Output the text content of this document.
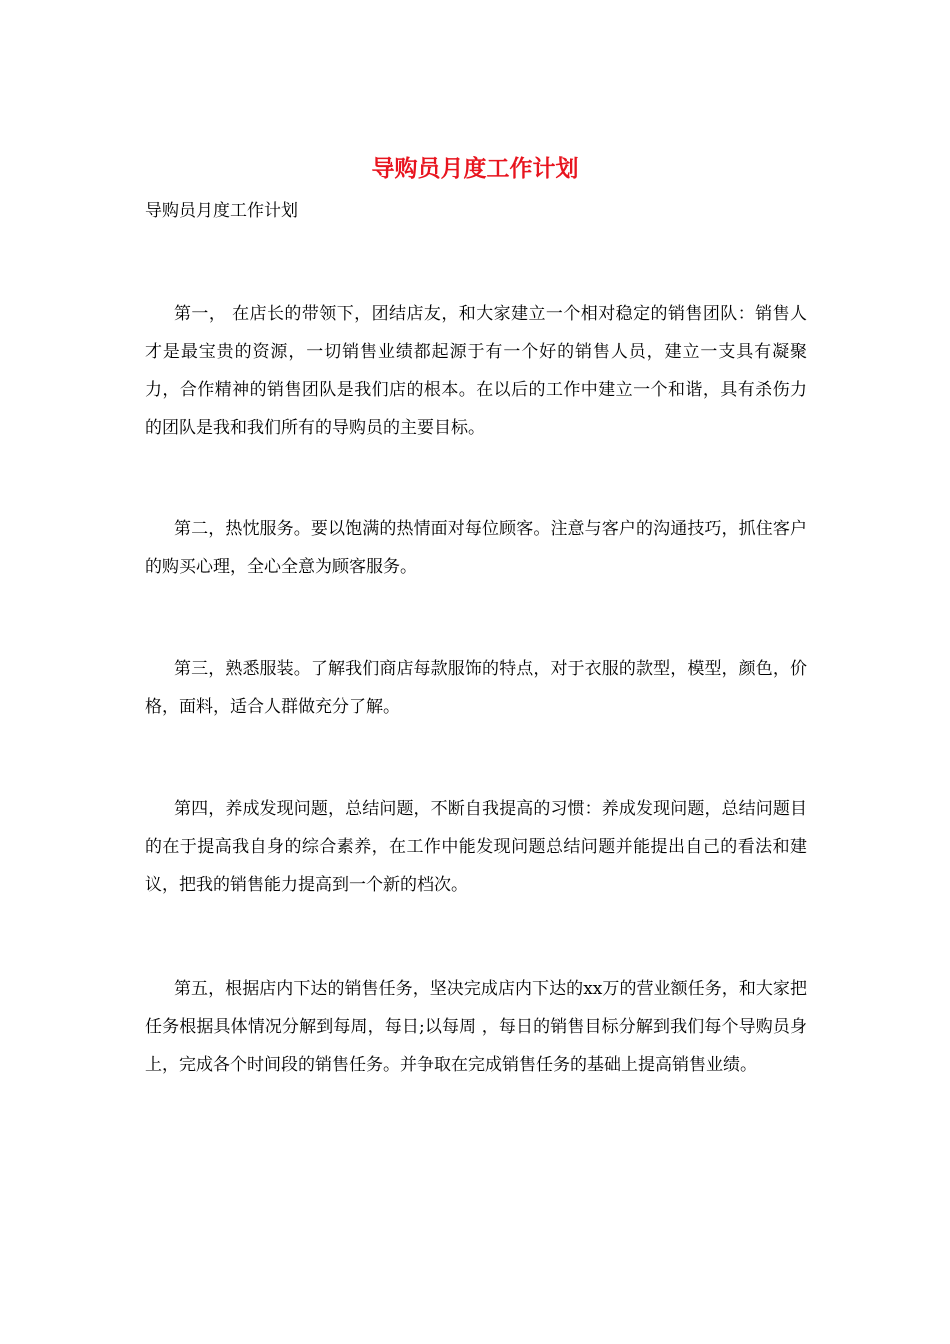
导购员月度工作计划
导购员月度工作计划

第一， 在店长的带领下，团结店友，和大家建立一个相对稳定的销售团队：销售人才是最宝贵的资源，一切销售业绩都起源于有一个好的销售人员，建立一支具有凝聚力，合作精神的销售团队是我们店的根本。在以后的工作中建立一个和谐，具有杀伤力的团队是我和我们所有的导购员的主要目标。

第二，热忱服务。要以饱满的热情面对每位顾客。注意与客户的沟通技巧，抓住客户的购买心理，全心全意为顾客服务。

第三，熟悉服装。了解我们商店每款服饰的特点，对于衣服的款型，模型，颜色，价格，面料，适合人群做充分了解。

第四，养成发现问题，总结问题，不断自我提高的习惯：养成发现问题，总结问题目的在于提高我自身的综合素养，在工作中能发现问题总结问题并能提出自己的看法和建议，把我的销售能力提高到一个新的档次。

第五，根据店内下达的销售任务，坚决完成店内下达的xx万的营业额任务，和大家把任务根据具体情况分解到每周，每日;以每周 ，每日的销售目标分解到我们每个导购员身上，完成各个时间段的销售任务。并争取在完成销售任务的基础上提高销售业绩。
